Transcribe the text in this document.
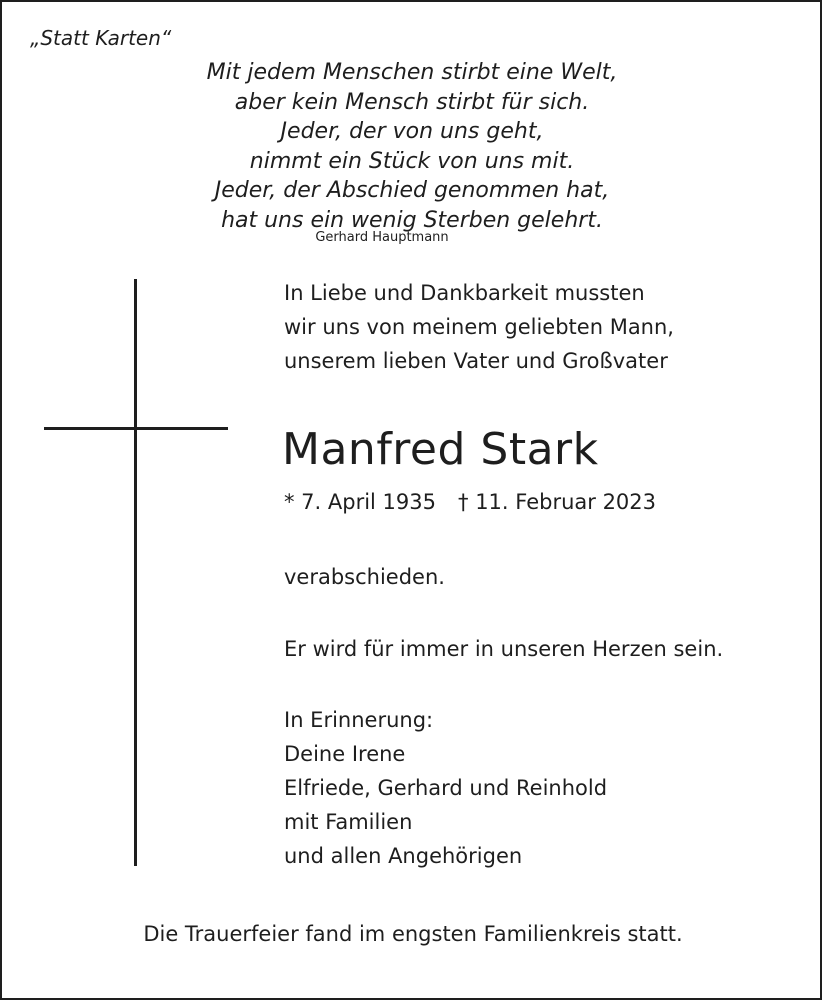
„Statt Karten“
Mit jedem Menschen stirbt eine Welt,
aber kein Mensch stirbt für sich.
Jeder, der von uns geht,
nimmt ein Stück von uns mit.
Jeder, der Abschied genommen hat,
hat uns ein wenig Sterben gelehrt.
Gerhard Hauptmann
In Liebe und Dankbarkeit mussten
wir uns von meinem geliebten Mann,
unserem lieben Vater und Großvater
Manfred Stark
* 7. April 1935 † 11. Februar 2023
verabschieden.
Er wird für immer in unseren Herzen sein.
In Erinnerung:
Deine Irene
Elfriede, Gerhard und Reinhold
mit Familien
und allen Angehörigen
Die Trauerfeier fand im engsten Familienkreis statt.
